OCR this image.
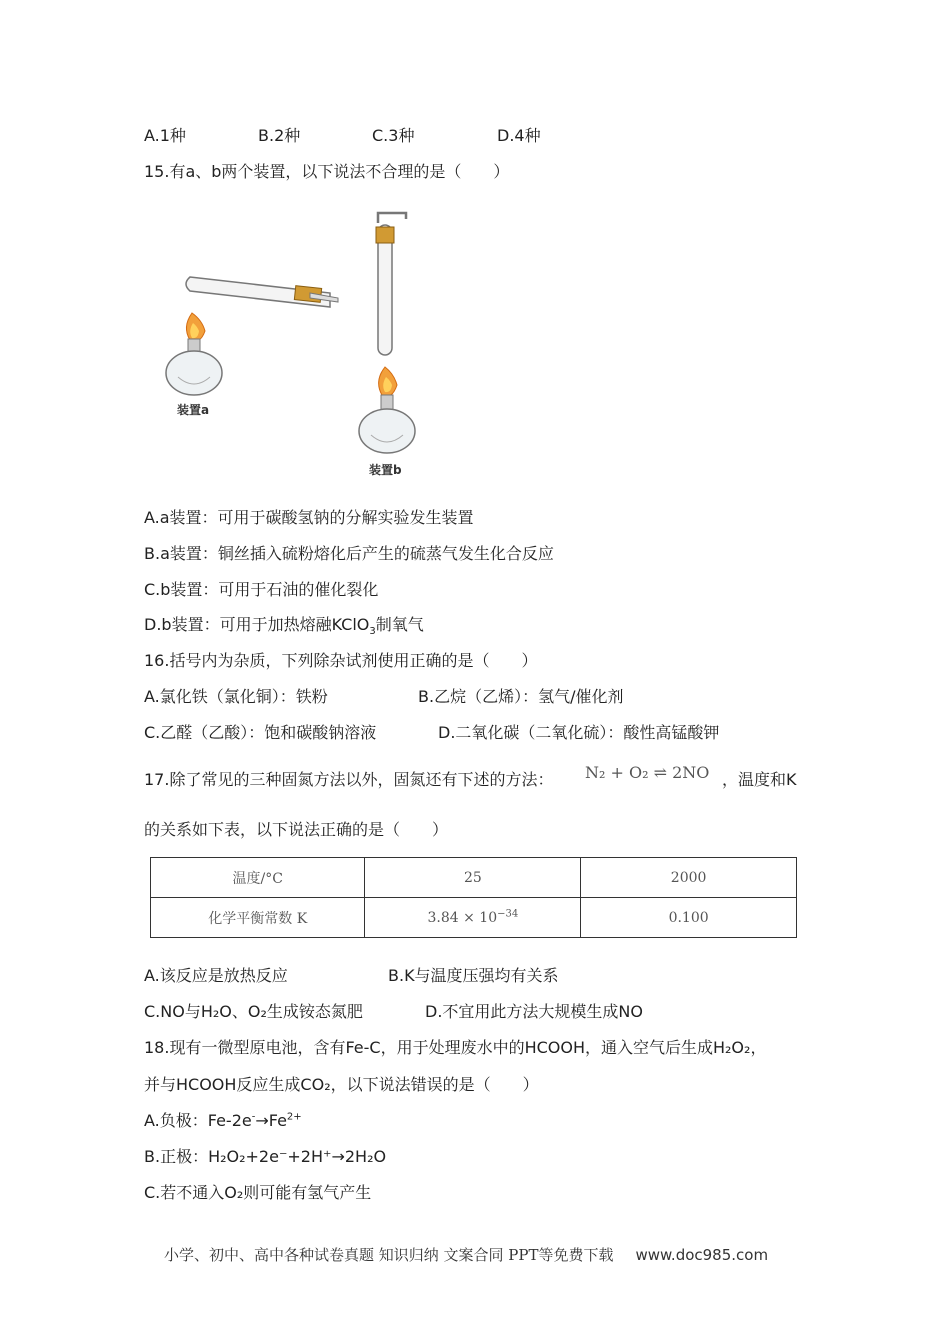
A.1种	B.2种	C.3种	D.4种
15.有a、b两个装置，以下说法不合理的是（　　）
装置a
装置b
A.a装置：可用于碳酸氢钠的分解实验发生装置
B.a装置：铜丝插入硫粉熔化后产生的硫蒸气发生化合反应
C.b装置：可用于石油的催化裂化
D.b装置：可用于加热熔融KClO$_3$制氧气
16.括号内为杂质，下列除杂试剂使用正确的是（　　）
A.氯化铁（氯化铜）：铁粉	B.乙烷（乙烯）：氢气/催化剂
C.乙醛（乙酸）：饱和碳酸钠溶液	D.二氧化碳（二氧化硫）：酸性高锰酸钾
17.除了常见的三种固氮方法以外，固氮还有下述的方法： N₂ + O₂ ⇌ 2NO ，温度和K
的关系如下表，以下说法正确的是（　　）
温度/°C	25	2000
化学平衡常数 K	$3.84 \times 10^{-34}$	0.100
A.该反应是放热反应	B.K与温度压强均有关系
C.NO与H₂O、O₂生成铵态氮肥	D.不宜用此方法大规模生成NO
18.现有一微型原电池，含有Fe-C，用于处理废水中的HCOOH，通入空气后生成H₂O₂，
并与HCOOH反应生成CO₂，以下说法错误的是（　　）
A.负极：$Fe-2e^-\to Fe^{2+}$
B.正极：H₂O₂+2e⁻+2H⁺→2H₂O
C.若不通入O₂则可能有氢气产生
小学、初中、高中各种试卷真题 知识归纳 文案合同 PPT等免费下载 www.doc985.com
